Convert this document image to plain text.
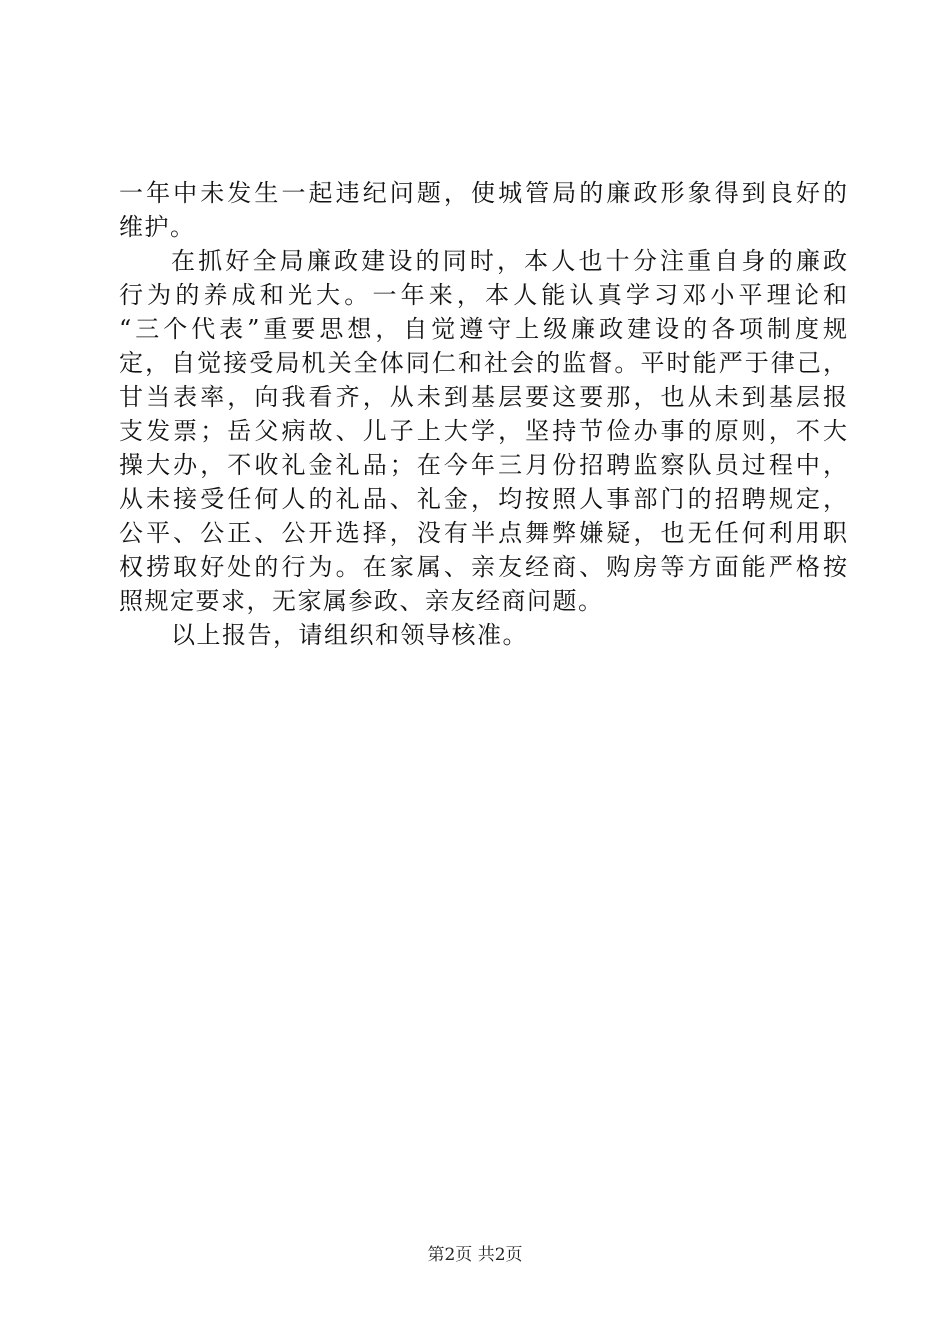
一年中未发生一起违纪问题，使城管局的廉政形象得到良好的
维护。
在抓好全局廉政建设的同时，本人也十分注重自身的廉政
行为的养成和光大。一年来，本人能认真学习邓小平理论和
“三个代表”重要思想，自觉遵守上级廉政建设的各项制度规
定，自觉接受局机关全体同仁和社会的监督。平时能严于律己，
甘当表率，向我看齐，从未到基层要这要那，也从未到基层报
支发票；岳父病故、儿子上大学，坚持节俭办事的原则，不大
操大办，不收礼金礼品；在今年三月份招聘监察队员过程中，
从未接受任何人的礼品、礼金，均按照人事部门的招聘规定，
公平、公正、公开选择，没有半点舞弊嫌疑，也无任何利用职
权捞取好处的行为。在家属、亲友经商、购房等方面能严格按
照规定要求，无家属参政、亲友经商问题。
以上报告，请组织和领导核准。
第2页 共2页
